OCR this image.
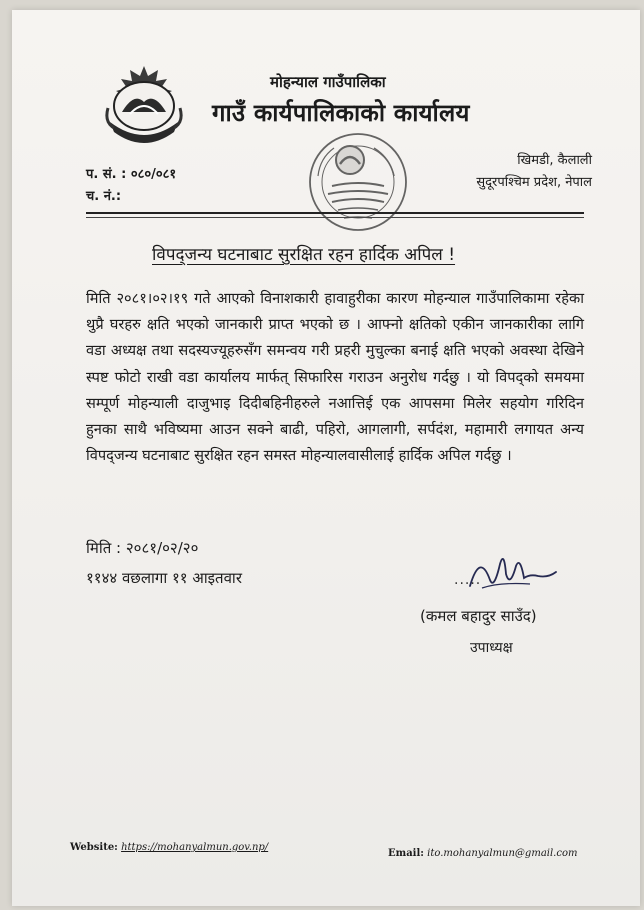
मोहन्याल गाउँपालिका
गाउँ कार्यपालिकाको कार्यालय
खिमडी, कैलाली
सुदूरपश्चिम प्रदेश, नेपाल
प. सं. : ०८०/०८१
च. नं.:
विपद्जन्य घटनाबाट सुरक्षित रहन हार्दिक अपिल !
मिति २०८१।०२।१९ गते आएको विनाशकारी हावाहुरीका कारण मोहन्याल गाउँपालिकामा रहेका थुप्रै घरहरु क्षति भएको जानकारी प्राप्त भएको छ । आफ्नो क्षतिको एकीन जानकारीका लागि वडा अध्यक्ष तथा सदस्यज्यूहरुसँग समन्वय गरी प्रहरी मुचुल्का बनाई क्षति भएको अवस्था देखिने स्पष्ट फोटो राखी वडा कार्यालय मार्फत् सिफारिस गराउन अनुरोध गर्दछु । यो विपद्को समयमा सम्पूर्ण मोहन्याली दाजुभाइ दिदीबहिनीहरुले नआत्तिई एक आपसमा मिलेर सहयोग गरिदिन हुनका साथै भविष्यमा आउन सक्ने बाढी, पहिरो, आगलागी, सर्पदंश, महामारी लगायत अन्य विपद्जन्य घटनाबाट सुरक्षित रहन समस्त मोहन्यालवासीलाई हार्दिक अपिल गर्दछु ।
मिति : २०८१/०२/२०
११४४ वछलागा ११ आइतवार	.....
(कमल बहादुर साउँद)
उपाध्यक्ष
Website: https://mohanyalmun.gov.np/
Email: ito.mohanyalmun@gmail.com
